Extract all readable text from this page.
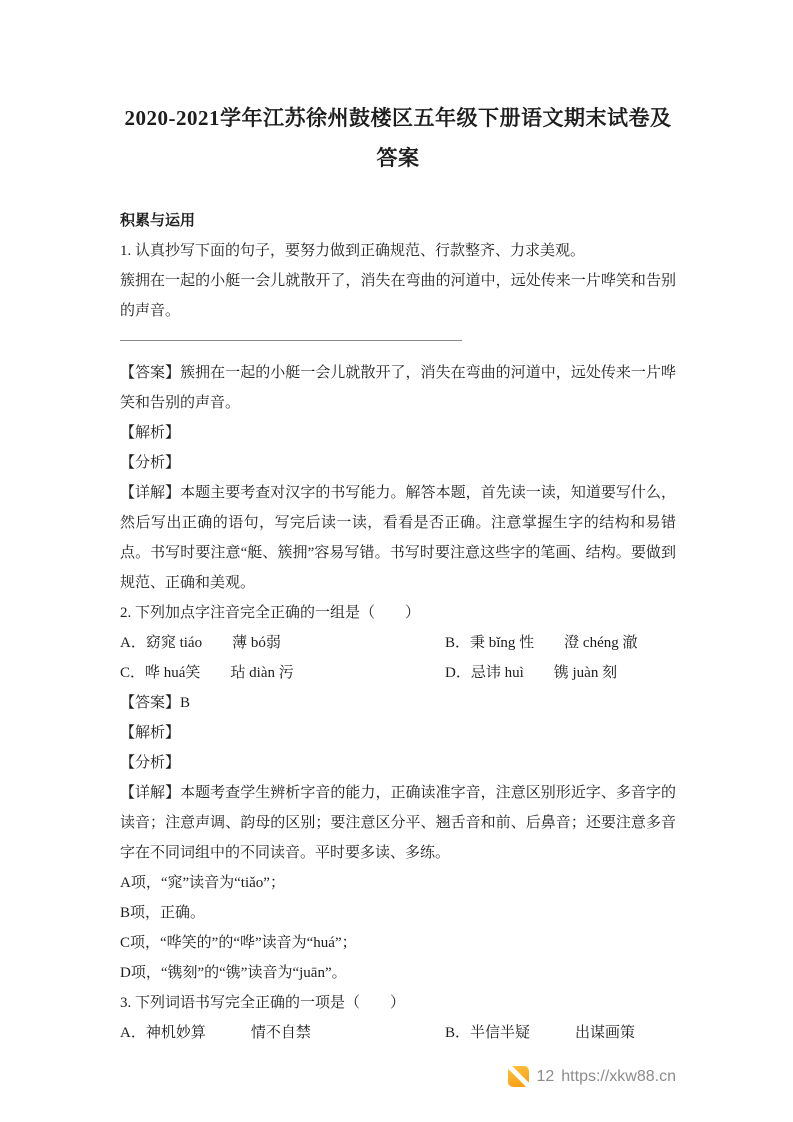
2020-2021学年江苏徐州鼓楼区五年级下册语文期末试卷及答案

积累与运用

1. 认真抄写下面的句子，要努力做到正确规范、行款整齐、力求美观。

簇拥在一起的小艇一会儿就散开了，消失在弯曲的河道中，远处传来一片哗笑和告别的声音。

【答案】簇拥在一起的小艇一会儿就散开了，消失在弯曲的河道中，远处传来一片哗笑和告别的声音。

【解析】

【分析】

【详解】本题主要考查对汉字的书写能力。解答本题，首先读一读，知道要写什么，然后写出正确的语句，写完后读一读，看看是否正确。注意掌握生字的结构和易错点。书写时要注意“艇、簇拥”容易写错。书写时要注意这些字的笔画、结构。要做到规范、正确和美观。

2. 下列加点字注音完全正确的一组是（　　）

A．窈窕 tiáo　　薄 bó弱	B．秉 bǐng 性　　澄 chéng 澈
C．哗 huá笑　　玷 diàn 污	D．忌讳 huì　　镌 juàn 刻

【答案】B

【解析】

【分析】

【详解】本题考查学生辨析字音的能力，正确读准字音，注意区别形近字、多音字的读音；注意声调、韵母的区别；要注意区分平、翘舌音和前、后鼻音；还要注意多音字在不同词组中的不同读音。平时要多读、多练。

A项，“窕”读音为“tiǎo”；

B项，正确。

C项，“哗笑的”的“哗”读音为“huá”；

D项，“镌刻”的“镌”读音为“juān”。

3. 下列词语书写完全正确的一项是（　　）

A．神机妙算　　　情不自禁	B．半信半疑　　　出谋画策
12 https://xkw88.cn
